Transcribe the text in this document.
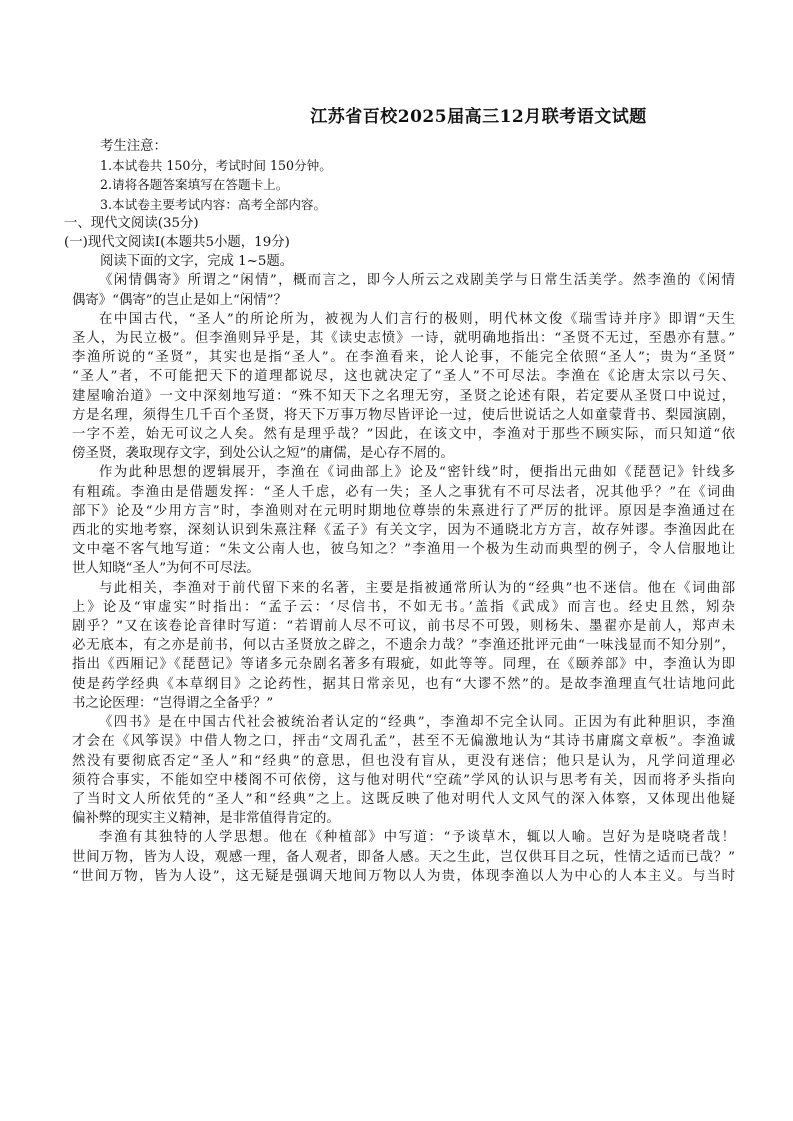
江苏省百校2025届高三12月联考语文试题
考生注意：
1.本试卷共 150分，考试时间 150分钟。
2.请将各题答案填写在答题卡上。
3.本试卷主要考试内容：高考全部内容。
一、现代文阅读(35分)
(一)现代文阅读Ⅰ(本题共5小题，19分)
阅读下面的文字，完成 1~5题。
《闲情偶寄》所谓之“闲情”，概而言之，即今人所云之戏剧美学与日常生活美学。然李渔的《闲情
偶寄》“偶寄”的岂止是如上“闲情”？
在中国古代，“圣人”的所论所为，被视为人们言行的极则，明代林文俊《瑞雪诗并序》即谓“天生
圣人，为民立极”。但李渔则异乎是，其《读史志愤》一诗，就明确地指出：“圣贤不无过，至愚亦有慧。”
李渔所说的“圣贤”，其实也是指“圣人”。在李渔看来，论人论事，不能完全依照“圣人”；贵为“圣贤”
“圣人”者，不可能把天下的道理都说尽，这也就决定了“圣人”不可尽法。李渔在《论唐太宗以弓矢、
建屋喻治道》一文中深刻地写道：“殊不知天下之名理无穷，圣贤之论述有限，若定要从圣贤口中说过，
方是名理，须得生几千百个圣贤，将天下万事万物尽皆评论一过，使后世说话之人如童蒙背书、梨园演剧，
一字不差，始无可议之人矣。然有是理乎哉？”因此，在该文中，李渔对于那些不顾实际，而只知道“依
傍圣贤，袭取现存文字，到处公认之短”的庸儒，是心存不屑的。
作为此种思想的逻辑展开，李渔在《词曲部上》论及“密针线”时，便指出元曲如《琵琶记》针线多
有粗疏。李渔由是借题发挥：“圣人千虑，必有一失；圣人之事犹有不可尽法者，况其他乎？”在《词曲
部下》论及“少用方言”时，李渔则对在元明时期地位尊崇的朱熹进行了严厉的批评。原因是李渔通过在
西北的实地考察，深刻认识到朱熹注释《孟子》有关文字，因为不通晓北方方言，故存舛谬。李渔因此在
文中毫不客气地写道：“朱文公南人也，彼乌知之？”李渔用一个极为生动而典型的例子，令人信服地让
世人知晓“圣人”为何不可尽法。
与此相关，李渔对于前代留下来的名著，主要是指被通常所认为的“经典”也不迷信。他在《词曲部
上》论及“审虚实”时指出：“孟子云：‘尽信书，不如无书。’盖指《武成》而言也。经史且然，矧杂
剧乎？”又在该卷论音律时写道：“若谓前人尽不可议，前书尽不可毁，则杨朱、墨翟亦是前人，郑声未
必无底本，有之亦是前书，何以古圣贤放之辟之，不遗余力哉？”李渔还批评元曲“一味浅显而不知分别”，
指出《西厢记》《琵琶记》等诸多元杂剧名著多有瑕疵，如此等等。同理，在《颐养部》中，李渔认为即
使是药学经典《本草纲目》之论药性，据其日常亲见，也有“大谬不然”的。是故李渔理直气壮诘地问此
书之论医理：“岂得谓之全备乎？”
《四书》是在中国古代社会被统治者认定的“经典”，李渔却不完全认同。正因为有此种胆识，李渔
才会在《风筝误》中借人物之口，抨击“文周孔孟”，甚至不无偏激地认为“其诗书庸腐文章板”。李渔诚
然没有要彻底否定“圣人”和“经典”的意思，但也没有盲从，更没有迷信；他只是认为，凡学问道理必
须符合事实，不能如空中楼阁不可依傍，这与他对明代“空疏”学风的认识与思考有关，因而将矛头指向
了当时文人所依凭的“圣人”和“经典”之上。这既反映了他对明代人文风气的深入体察，又体现出他疑
偏补弊的现实主义精神，是非常值得肯定的。
李渔有其独特的人学思想。他在《种植部》中写道：“予谈草木，辄以人喻。岂好为是哓哓者哉！
世间万物，皆为人设，观感一理，备人观者，即备人感。天之生此，岂仅供耳目之玩，性情之适而已哉？”
“世间万物，皆为人设”，这无疑是强调天地间万物以人为贵，体现李渔以人为中心的人本主义。与当时
